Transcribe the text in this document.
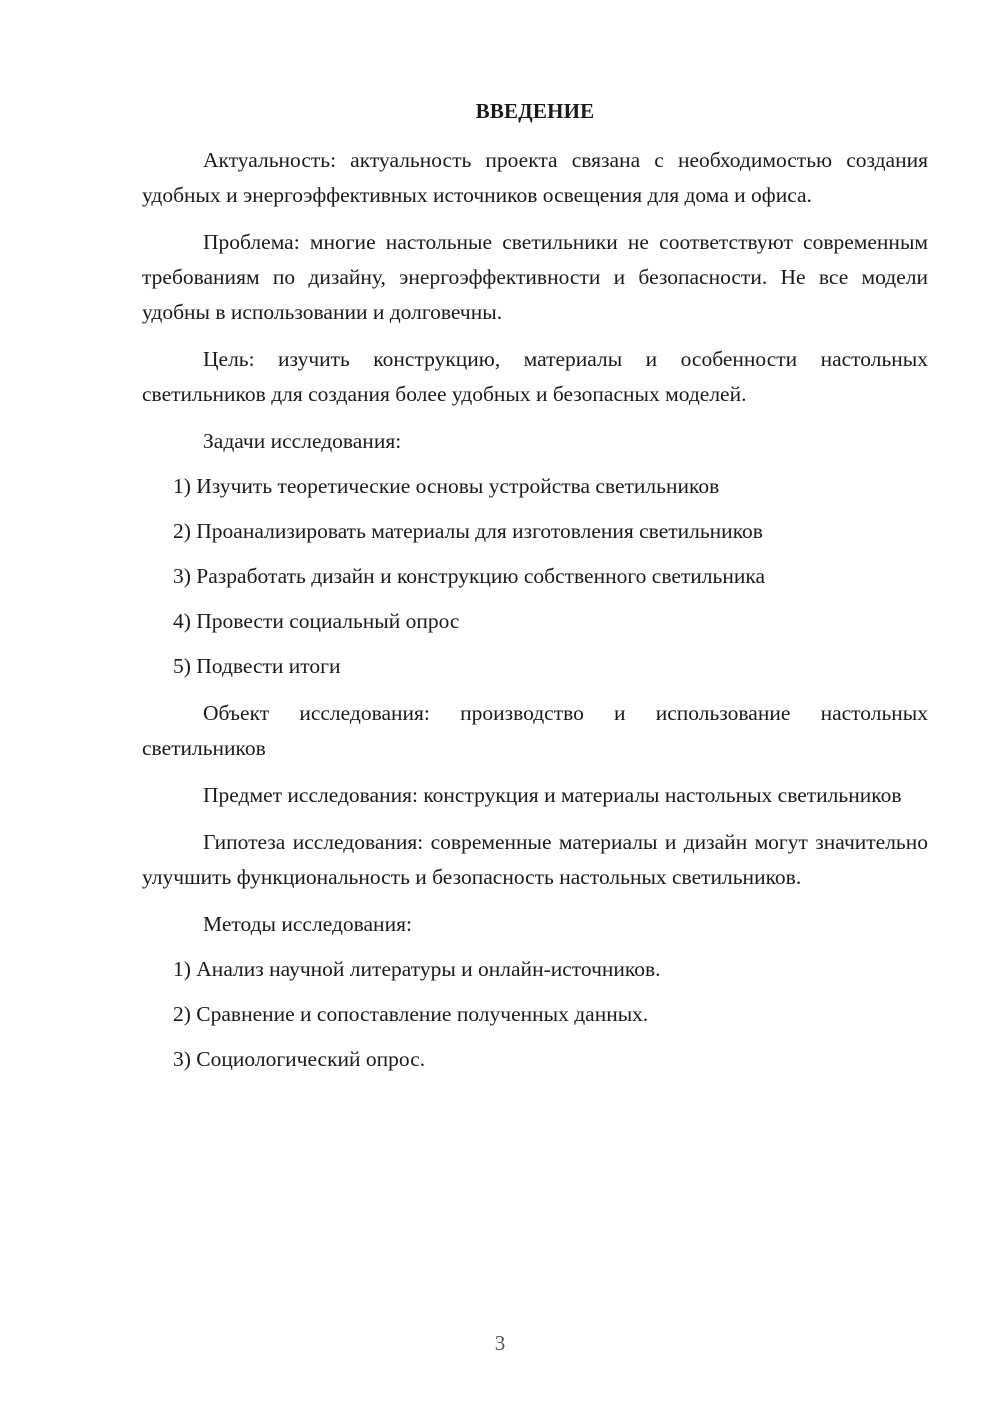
ВВЕДЕНИЕ

Актуальность: актуальность проекта связана с необходимостью создания удобных и энергоэффективных источников освещения для дома и офиса.

Проблема: многие настольные светильники не соответствуют современным требованиям по дизайну, энергоэффективности и безопасности. Не все модели удобны в использовании и долговечны.

Цель: изучить конструкцию, материалы и особенности настольных светильников для создания более удобных и безопасных моделей.

Задачи исследования:

1) Изучить теоретические основы устройства светильников

2) Проанализировать материалы для изготовления светильников

3) Разработать дизайн и конструкцию собственного светильника

4) Провести социальный опрос

5) Подвести итоги

Объект исследования: производство и использование настольных светильников

Предмет исследования: конструкция и материалы настольных светильников

Гипотеза исследования: современные материалы и дизайн могут значительно улучшить функциональность и безопасность настольных светильников.

Методы исследования:

1) Анализ научной литературы и онлайн-источников.

2) Сравнение и сопоставление полученных данных.

3) Социологический опрос.

3
